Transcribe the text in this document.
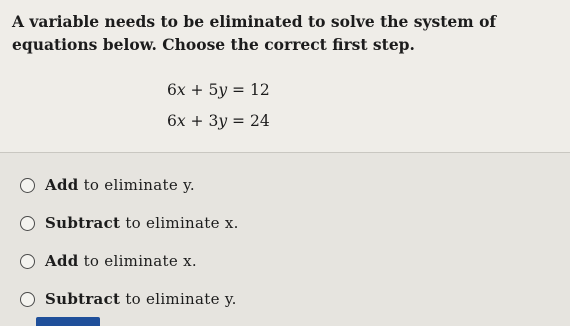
A variable needs to be eliminated to solve the system of equations below. Choose the correct first step.

6x + 5y = 12
6x + 3y = 24
Add to eliminate y.
Subtract to eliminate x.
Add to eliminate x.
Subtract to eliminate y.
